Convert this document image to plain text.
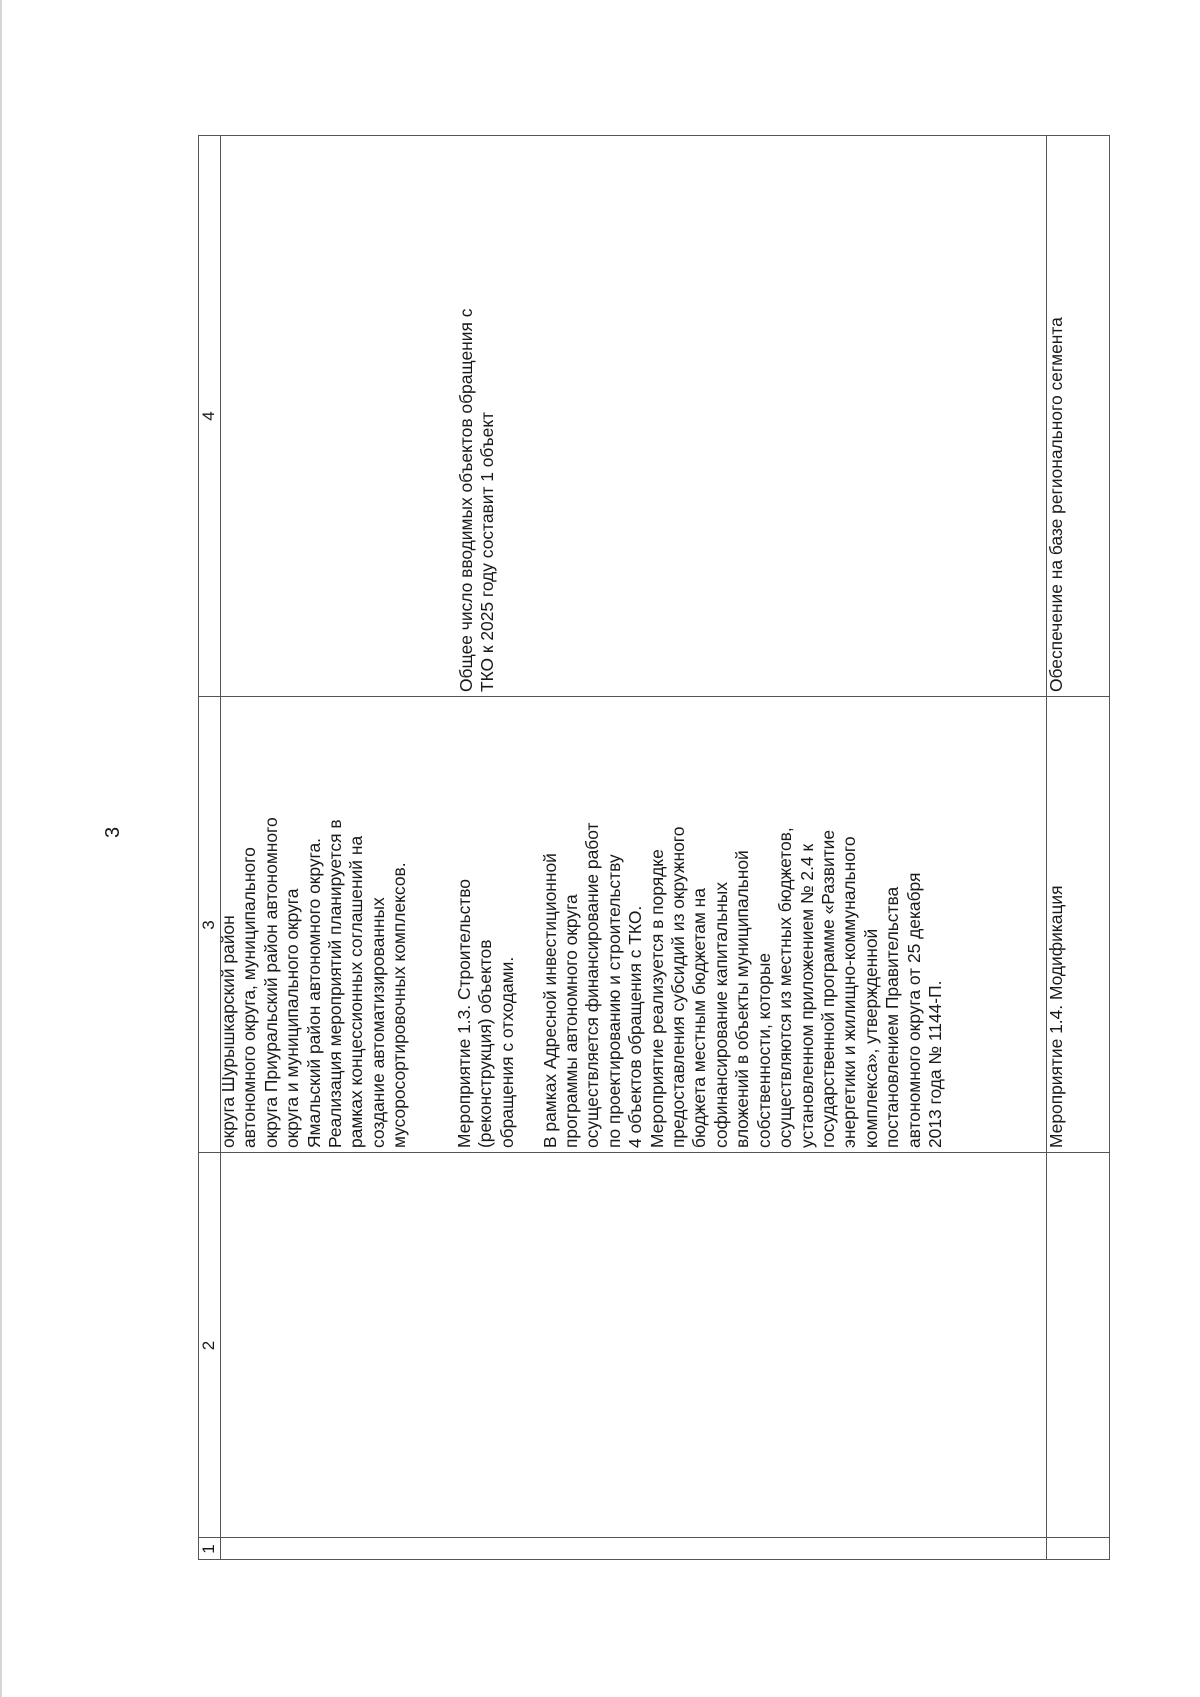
3
1
2
3
4
округа Шурышкарский район
автономного округа, муниципального
округа Приуральский район автономного
округа и муниципального округа
Ямальский район автономного округа.
Реализация мероприятий планируется в
рамках концессионных соглашений на
создание автоматизированных
мусоросортировочных комплексов.
Мероприятие 1.3. Строительство
(реконструкция) объектов
обращения с отходами.

В рамках Адресной инвестиционной
программы автономного округа
осуществляется финансирование работ
по проектированию и строительству
4 объектов обращения с ТКО.
Мероприятие реализуется в порядке
предоставления субсидий из окружного
бюджета местным бюджетам на
софинансирование капитальных
вложений в объекты муниципальной
собственности, которые
осуществляются из местных бюджетов,
установленном приложением № 2.4 к
государственной программе «Развитие
энергетики и жилищно-коммунального
комплекса», утвержденной
постановлением Правительства
автономного округа от 25 декабря
2013 года № 1144-П.
Общее число вводимых объектов обращения с
ТКО к 2025 году составит 1 объект
Мероприятие 1.4. Модификация
Обеспечение на базе регионального сегмента
